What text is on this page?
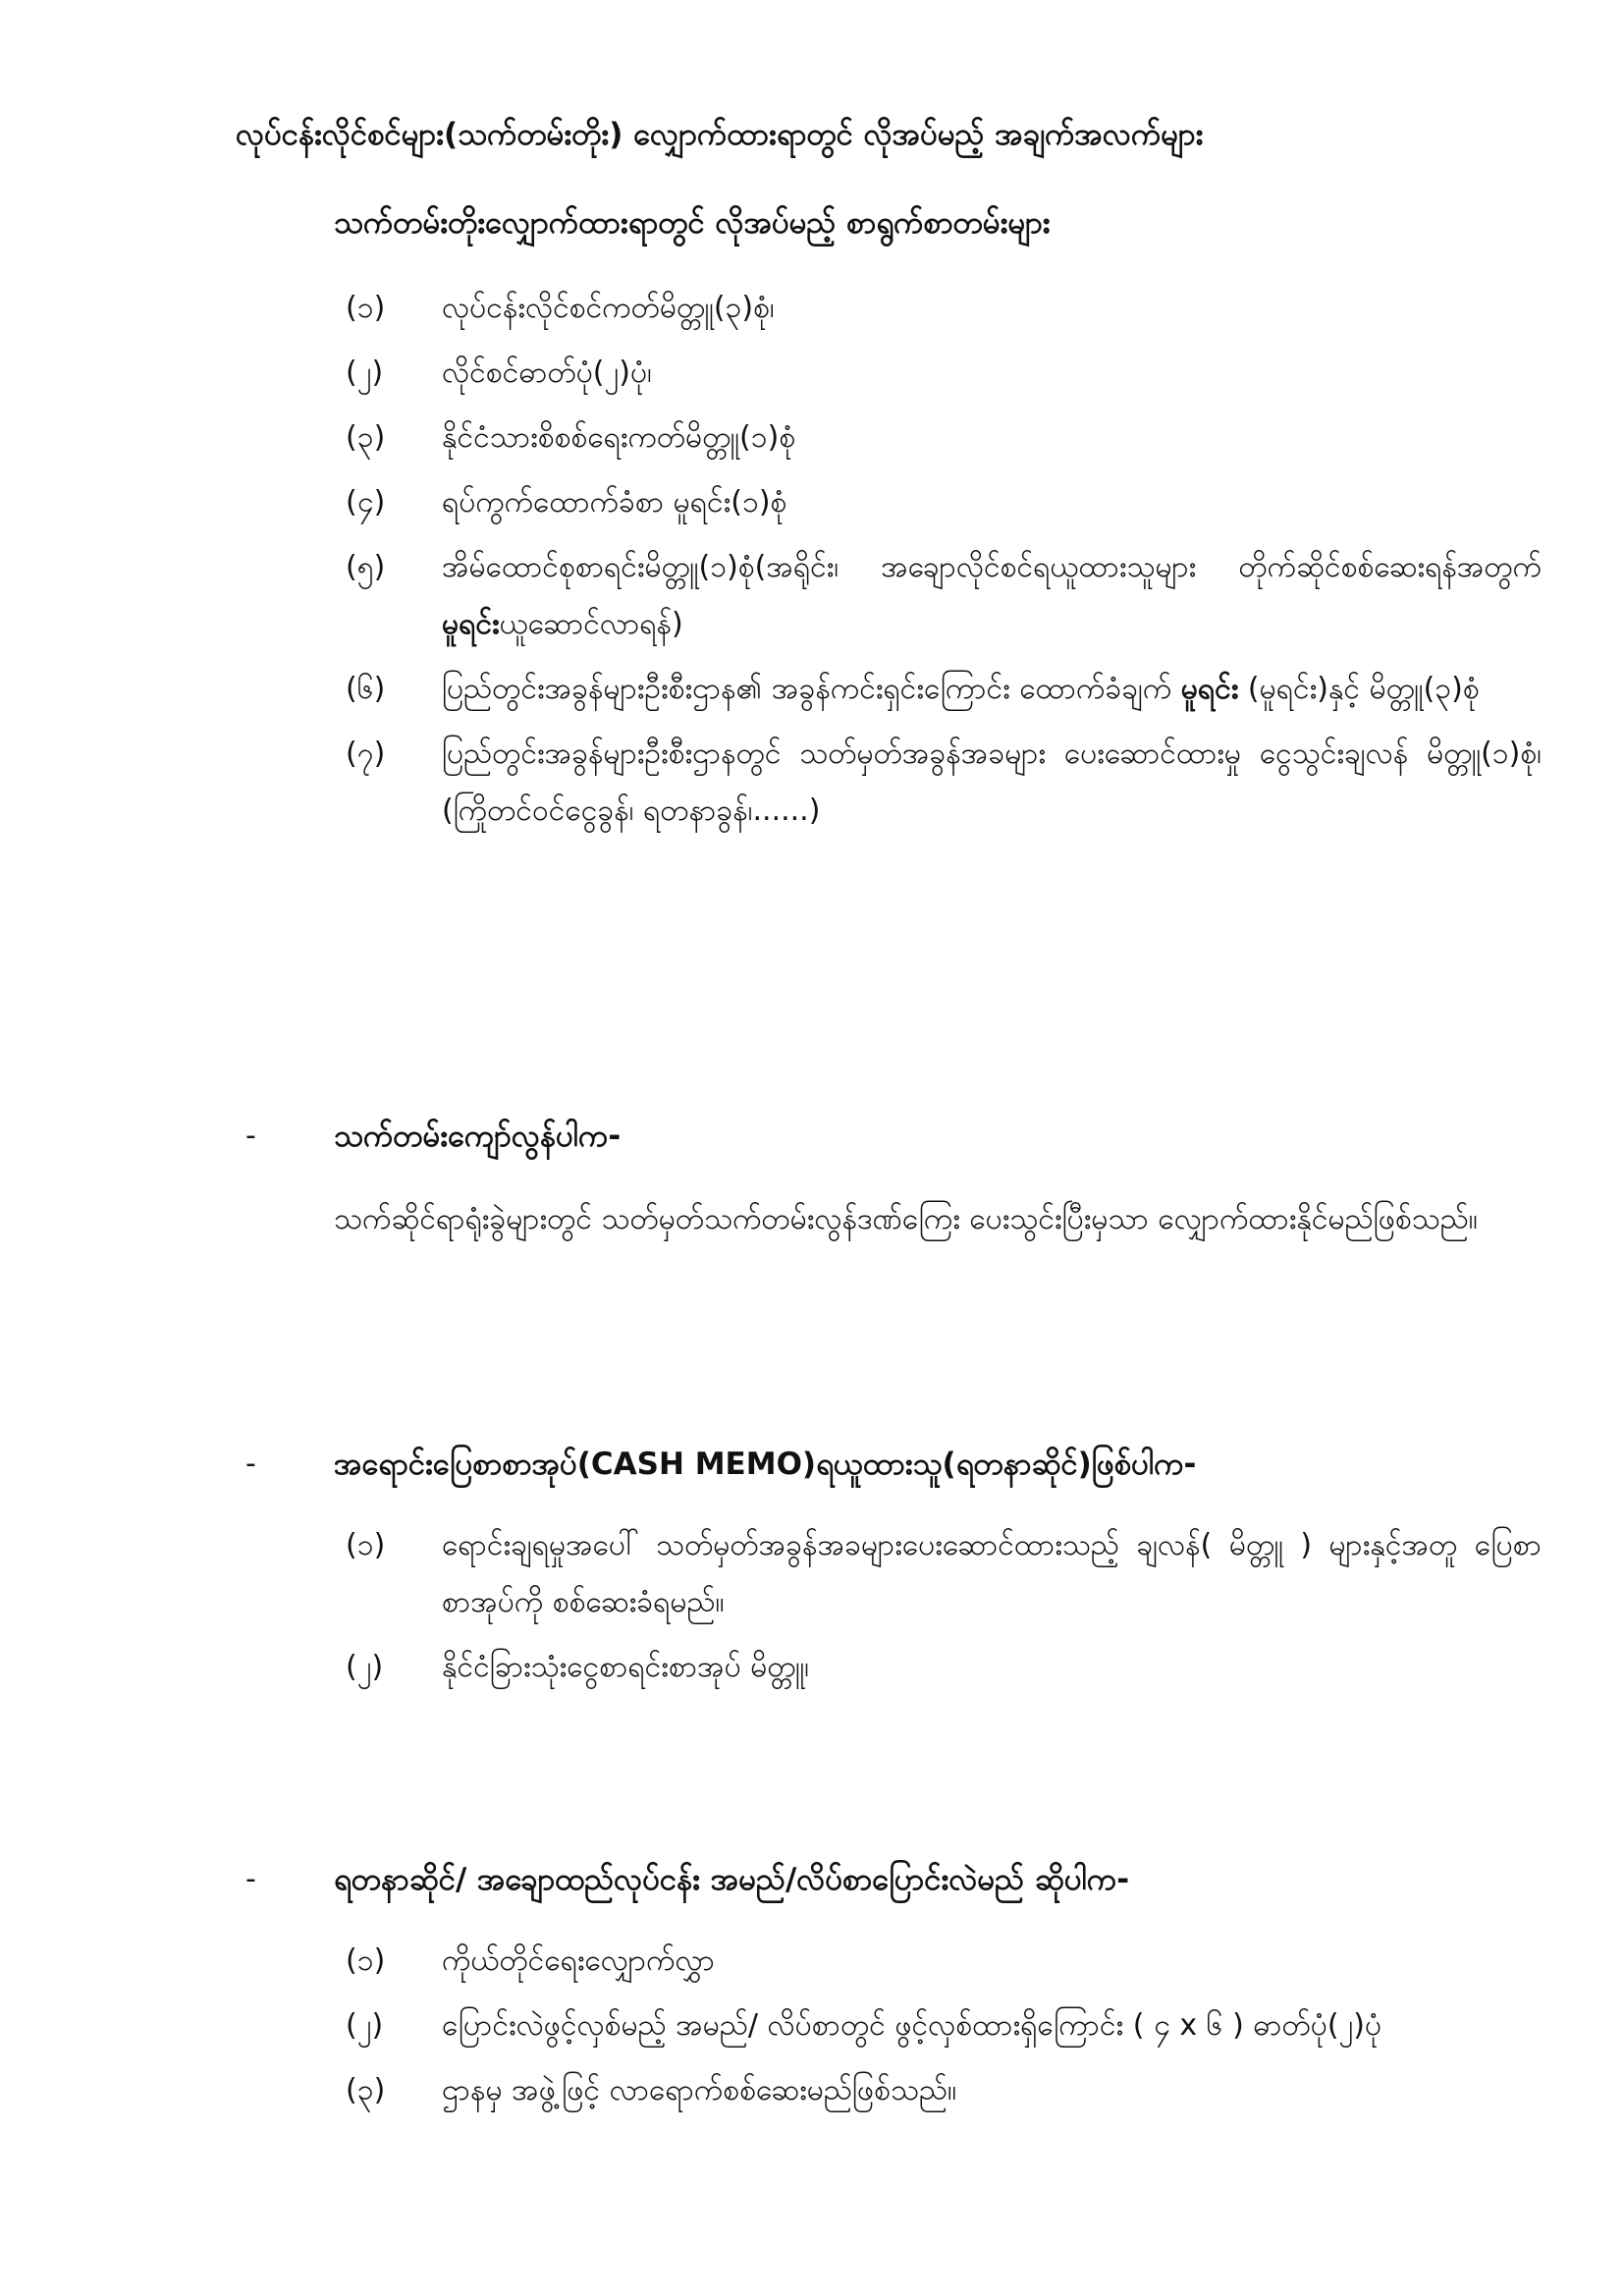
လုပ်ငန်းလိုင်စင်များ(သက်တမ်းတိုး) လျှောက်ထားရာတွင် လိုအပ်မည့် အချက်အလက်များ
သက်တမ်းတိုးလျှောက်ထားရာတွင် လိုအပ်မည့် စာရွက်စာတမ်းများ
(၁)	လုပ်ငန်းလိုင်စင်ကတ်မိတ္တူ(၃)စုံ၊
(၂)	လိုင်စင်ဓာတ်ပုံ(၂)ပုံ၊
(၃)	နိုင်ငံသားစိစစ်ရေးကတ်မိတ္တူ(၁)စုံ
(၄)	ရပ်ကွက်ထောက်ခံစာ မူရင်း(၁)စုံ
(၅)	အိမ်ထောင်စုစာရင်းမိတ္တူ(၁)စုံ(အရိုင်း၊ အချောလိုင်စင်ရယူထားသူများ တိုက်ဆိုင်စစ်ဆေးရန်အတွက် မူရင်းယူဆောင်လာရန်)
(၆)	ပြည်တွင်းအခွန်များဦးစီးဌာန၏ အခွန်ကင်းရှင်းကြောင်း ထောက်ခံချက် မူရင်း (မူရင်း)နှင့် မိတ္တူ(၃)စုံ
(၇)	ပြည်တွင်းအခွန်များဦးစီးဌာနတွင် သတ်မှတ်အခွန်အခများ ပေးဆောင်ထားမှု ငွေသွင်းချလန် မိတ္တူ(၁)စုံ၊ (ကြိုတင်ဝင်ငွေခွန်၊ ရတနာခွန်၊......)
-	သက်တမ်းကျော်လွန်ပါက-
သက်ဆိုင်ရာရုံးခွဲများတွင် သတ်မှတ်သက်တမ်းလွန်ဒဏ်ကြေး ပေးသွင်းပြီးမှသာ လျှောက်ထားနိုင်မည်ဖြစ်သည်။
-	အရောင်းပြေစာစာအုပ်(CASH MEMO)ရယူထားသူ(ရတနာဆိုင်)ဖြစ်ပါက-
(၁)	ရောင်းချရမှုအပေါ် သတ်မှတ်အခွန်အခများပေးဆောင်ထားသည့် ချလန်( မိတ္တူ ) များနှင့်အတူ ပြေစာစာအုပ်ကို စစ်ဆေးခံရမည်။
(၂)	နိုင်ငံခြားသုံးငွေစာရင်းစာအုပ် မိတ္တူ၊
-	ရတနာဆိုင်/ အချောထည်လုပ်ငန်း အမည်/လိပ်စာပြောင်းလဲမည် ဆိုပါက-
(၁)	ကိုယ်တိုင်ရေးလျှောက်လွှာ
(၂)	ပြောင်းလဲဖွင့်လှစ်မည့် အမည်/ လိပ်စာတွင် ဖွင့်လှစ်ထားရှိကြောင်း ( ၄ x ၆ ) ဓာတ်ပုံ(၂)ပုံ
(၃)	ဌာနမှ အဖွဲ့ဖြင့် လာရောက်စစ်ဆေးမည်ဖြစ်သည်။
